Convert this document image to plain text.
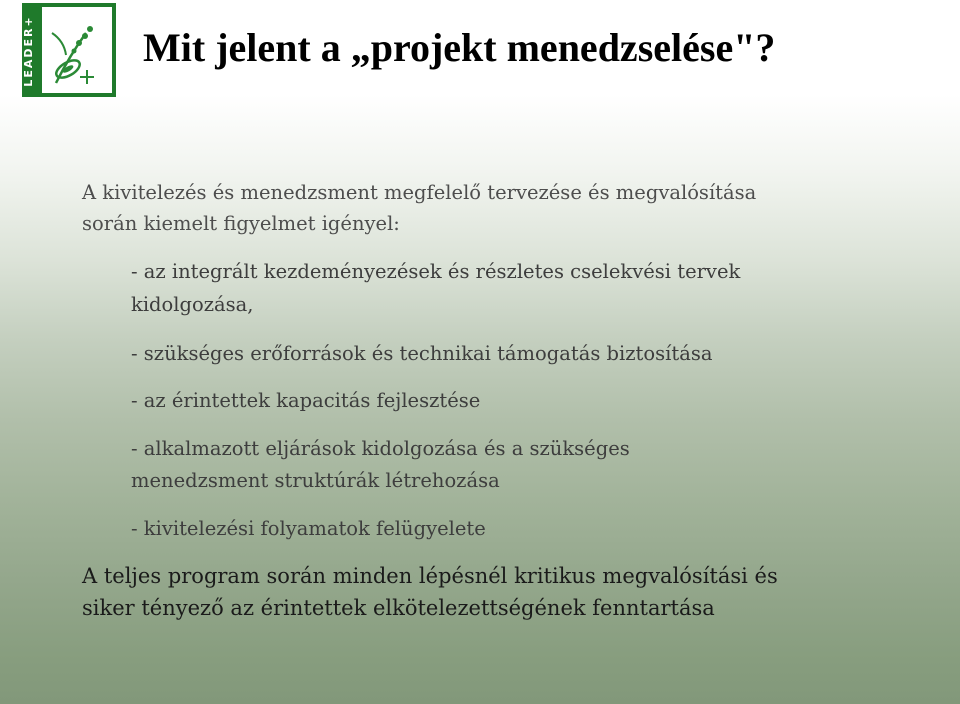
LEADER+	Mit jelent a „projekt menedzselése"?

A kivitelezés és menedzsment megfelelő tervezése és megvalósítása

során kiemelt figyelmet igényel:

- az integrált kezdeményezések és részletes cselekvési tervek

kidolgozása,

- szükséges erőforrások és technikai támogatás biztosítása

- az érintettek kapacitás fejlesztése

- alkalmazott eljárások kidolgozása és a szükséges

menedzsment struktúrák létrehozása

- kivitelezési folyamatok felügyelete

A teljes program során minden lépésnél kritikus megvalósítási és

siker tényező az érintettek elkötelezettségének fenntartása
